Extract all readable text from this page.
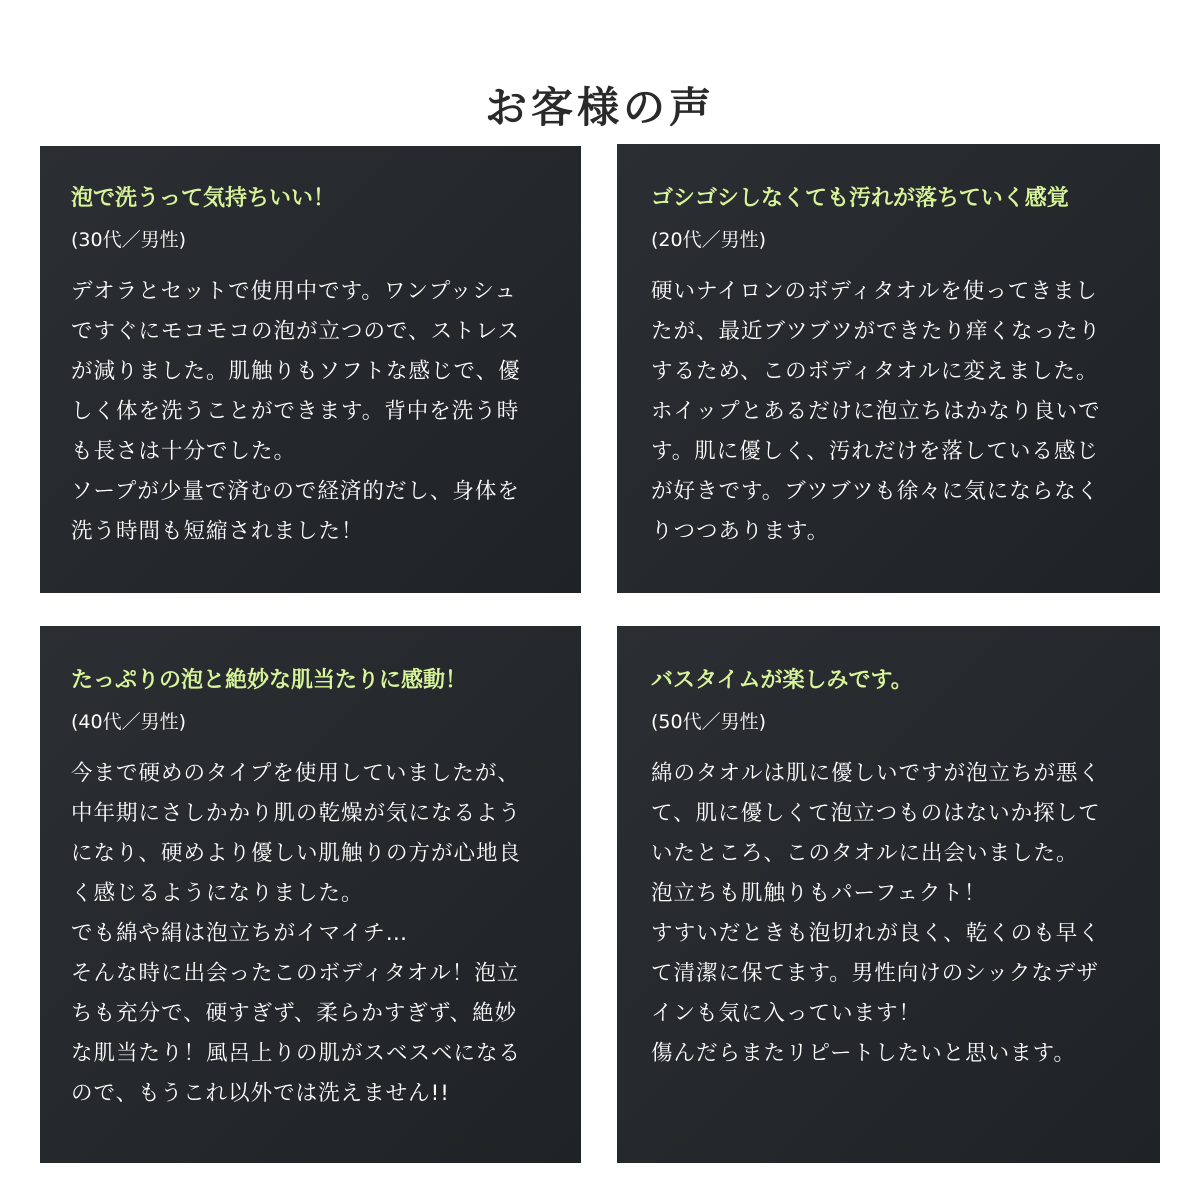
お客様の声
泡で洗うって気持ちいい！

(30代／男性)

デオラとセットで使用中です。ワンプッシュ
ですぐにモコモコの泡が立つので、ストレス
が減りました。肌触りもソフトな感じで、優
しく体を洗うことができます。背中を洗う時
も長さは十分でした。
ソープが少量で済むので経済的だし、身体を
洗う時間も短縮されました！
ゴシゴシしなくても汚れが落ちていく感覚

(20代／男性)

硬いナイロンのボディタオルを使ってきまし
たが、最近ブツブツができたり痒くなったり
するため、このボディタオルに変えました。
ホイップとあるだけに泡立ちはかなり良いで
す。肌に優しく、汚れだけを落している感じ
が好きです。ブツブツも徐々に気にならなく
りつつあります。
たっぷりの泡と絶妙な肌当たりに感動！

(40代／男性)

今まで硬めのタイプを使用していましたが、
中年期にさしかかり肌の乾燥が気になるよう
になり、硬めより優しい肌触りの方が心地良
く感じるようになりました。
でも綿や絹は泡立ちがイマイチ…
そんな時に出会ったこのボディタオル！泡立
ちも充分で、硬すぎず、柔らかすぎず、絶妙
な肌当たり！風呂上りの肌がスベスベになる
ので、もうこれ以外では洗えません!!
バスタイムが楽しみです。

(50代／男性)

綿のタオルは肌に優しいですが泡立ちが悪く
て、肌に優しくて泡立つものはないか探して
いたところ、このタオルに出会いました。
泡立ちも肌触りもパーフェクト！
すすいだときも泡切れが良く、乾くのも早く
て清潔に保てます。男性向けのシックなデザ
インも気に入っています！
傷んだらまたリピートしたいと思います。
